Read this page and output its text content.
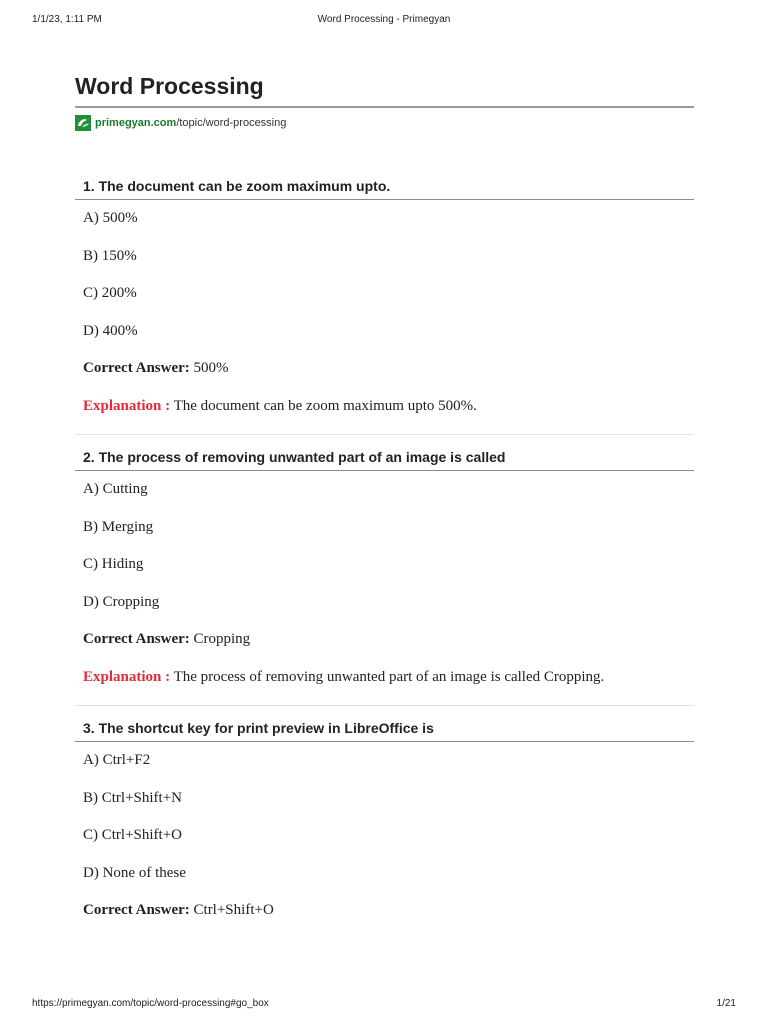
1/1/23, 1:11 PM	Word Processing - Primegyan
Word Processing
primegyan.com /topic/word-processing
1. The document can be zoom maximum upto.
A) 500%
B) 150%
C) 200%
D) 400%
Correct Answer: 500%
Explanation : The document can be zoom maximum upto 500%.
2. The process of removing unwanted part of an image is called
A) Cutting
B) Merging
C) Hiding
D) Cropping
Correct Answer: Cropping
Explanation : The process of removing unwanted part of an image is called Cropping.
3. The shortcut key for print preview in LibreOffice is
A) Ctrl+F2
B) Ctrl+Shift+N
C) Ctrl+Shift+O
D) None of these
Correct Answer: Ctrl+Shift+O
https://primegyan.com/topic/word-processing#go_box	1/21
